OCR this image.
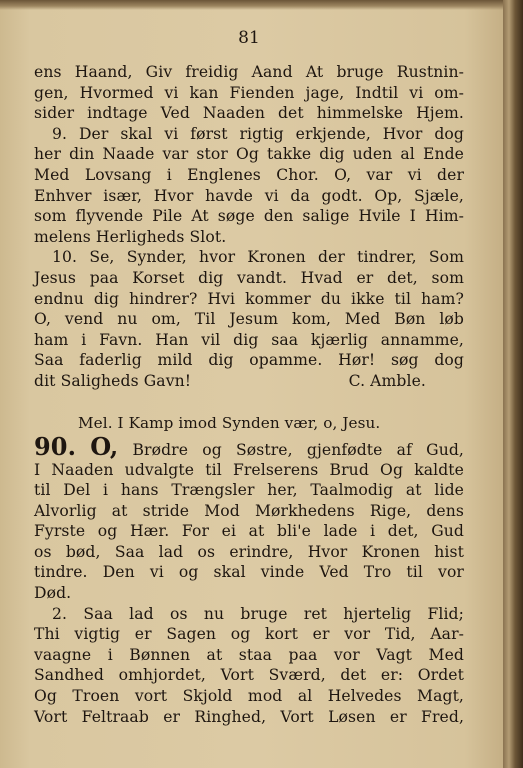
81
ens Haand, Giv freidig Aand At bruge Rustnin-
gen, Hvormed vi kan Fienden jage, Indtil vi om-
sider indtage Ved Naaden det himmelske Hjem.
9. Der skal vi først rigtig erkjende, Hvor dog
her din Naade var stor Og takke dig uden al Ende
Med Lovsang i Englenes Chor. O, var vi der
Enhver især, Hvor havde vi da godt. Op, Sjæle,
som flyvende Pile At søge den salige Hvile I Him-
melens Herligheds Slot.
10. Se, Synder, hvor Kronen der tindrer, Som
Jesus paa Korset dig vandt. Hvad er det, som
endnu dig hindrer? Hvi kommer du ikke til ham?
O, vend nu om, Til Jesum kom, Med Bøn løb
ham i Favn. Han vil dig saa kjærlig annamme,
Saa faderlig mild dig opamme. Hør! søg dog
dit Saligheds Gavn!	C. Amble.
Mel. I Kamp imod Synden vær, o, Jesu.
90. O, Brødre og Søstre, gjenfødte af Gud,
I Naaden udvalgte til Frelserens Brud Og kaldte
til Del i hans Trængsler her, Taalmodig at lide
Alvorlig at stride Mod Mørkhedens Rige, dens
Fyrste og Hær. For ei at bli'e lade i det, Gud
os bød, Saa lad os erindre, Hvor Kronen hist
tindre. Den vi og skal vinde Ved Tro til vor
Død.
2. Saa lad os nu bruge ret hjertelig Flid;
Thi vigtig er Sagen og kort er vor Tid, Aar-
vaagne i Bønnen at staa paa vor Vagt Med
Sandhed omhjordet, Vort Sværd, det er: Ordet
Og Troen vort Skjold mod al Helvedes Magt,
Vort Feltraab er Ringhed, Vort Løsen er Fred,
